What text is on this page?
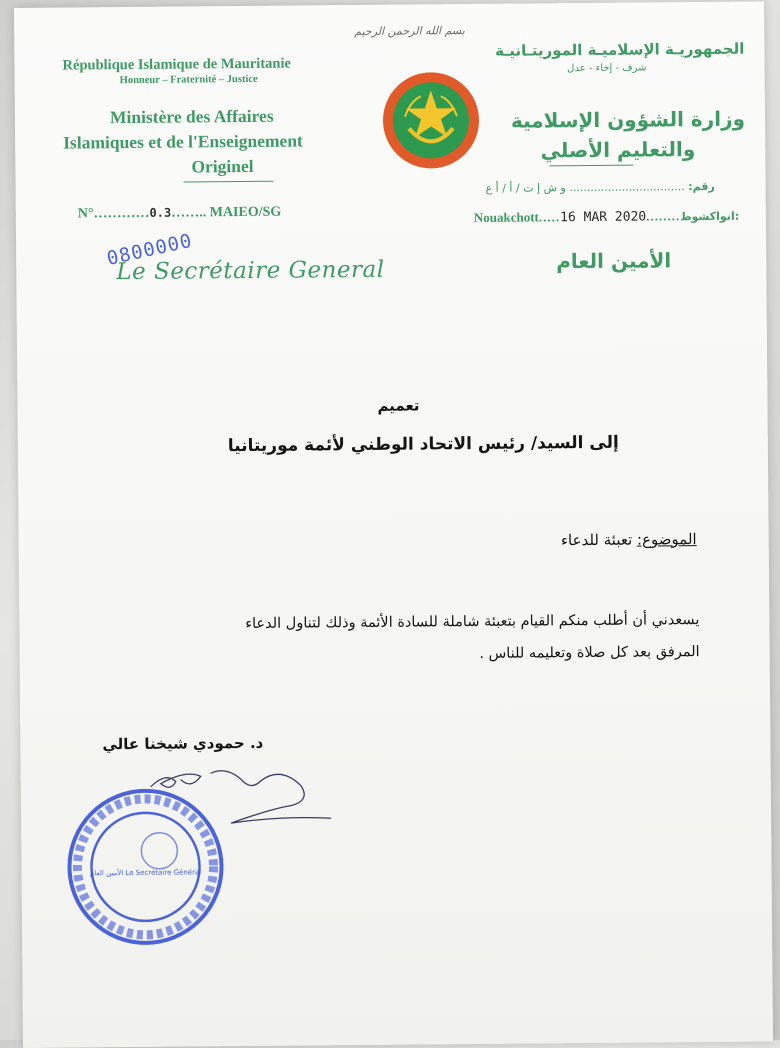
بسم الله الرحمن الرحيم
République Islamique de Mauritanie
Honneur – Fraternité – Justice
Ministère des Affaires
Islamiques et de l'Enseignement
Originel
N°…………0.3…….. MAIEO/SG
0800000
Le Secrétaire General
الجمهوريـة الإسلاميـة الموريتـانيـة
شرف - إخاء - عدل
وزارة الشؤون الإسلامية
والتعليم الأصلي
رقم: ................................. و ش إ ت / أ / أ ع
Nouakchott.....16 MAR 2020........انواكشوط:
الأمين العام
تعميم
إلى السيد/ رئيس الاتحاد الوطني لأئمة موريتانيا
الموضوع: تعبئة للدعاء
يسعدني أن أطلب منكم القيام بتعبئة شاملة للسادة الأئمة وذلك لتناول الدعاء
المرفق بعد كل صلاة وتعليمه للناس .
د. حمودي شيخنا عالي
الأمين العام Le Secrétaire Général
